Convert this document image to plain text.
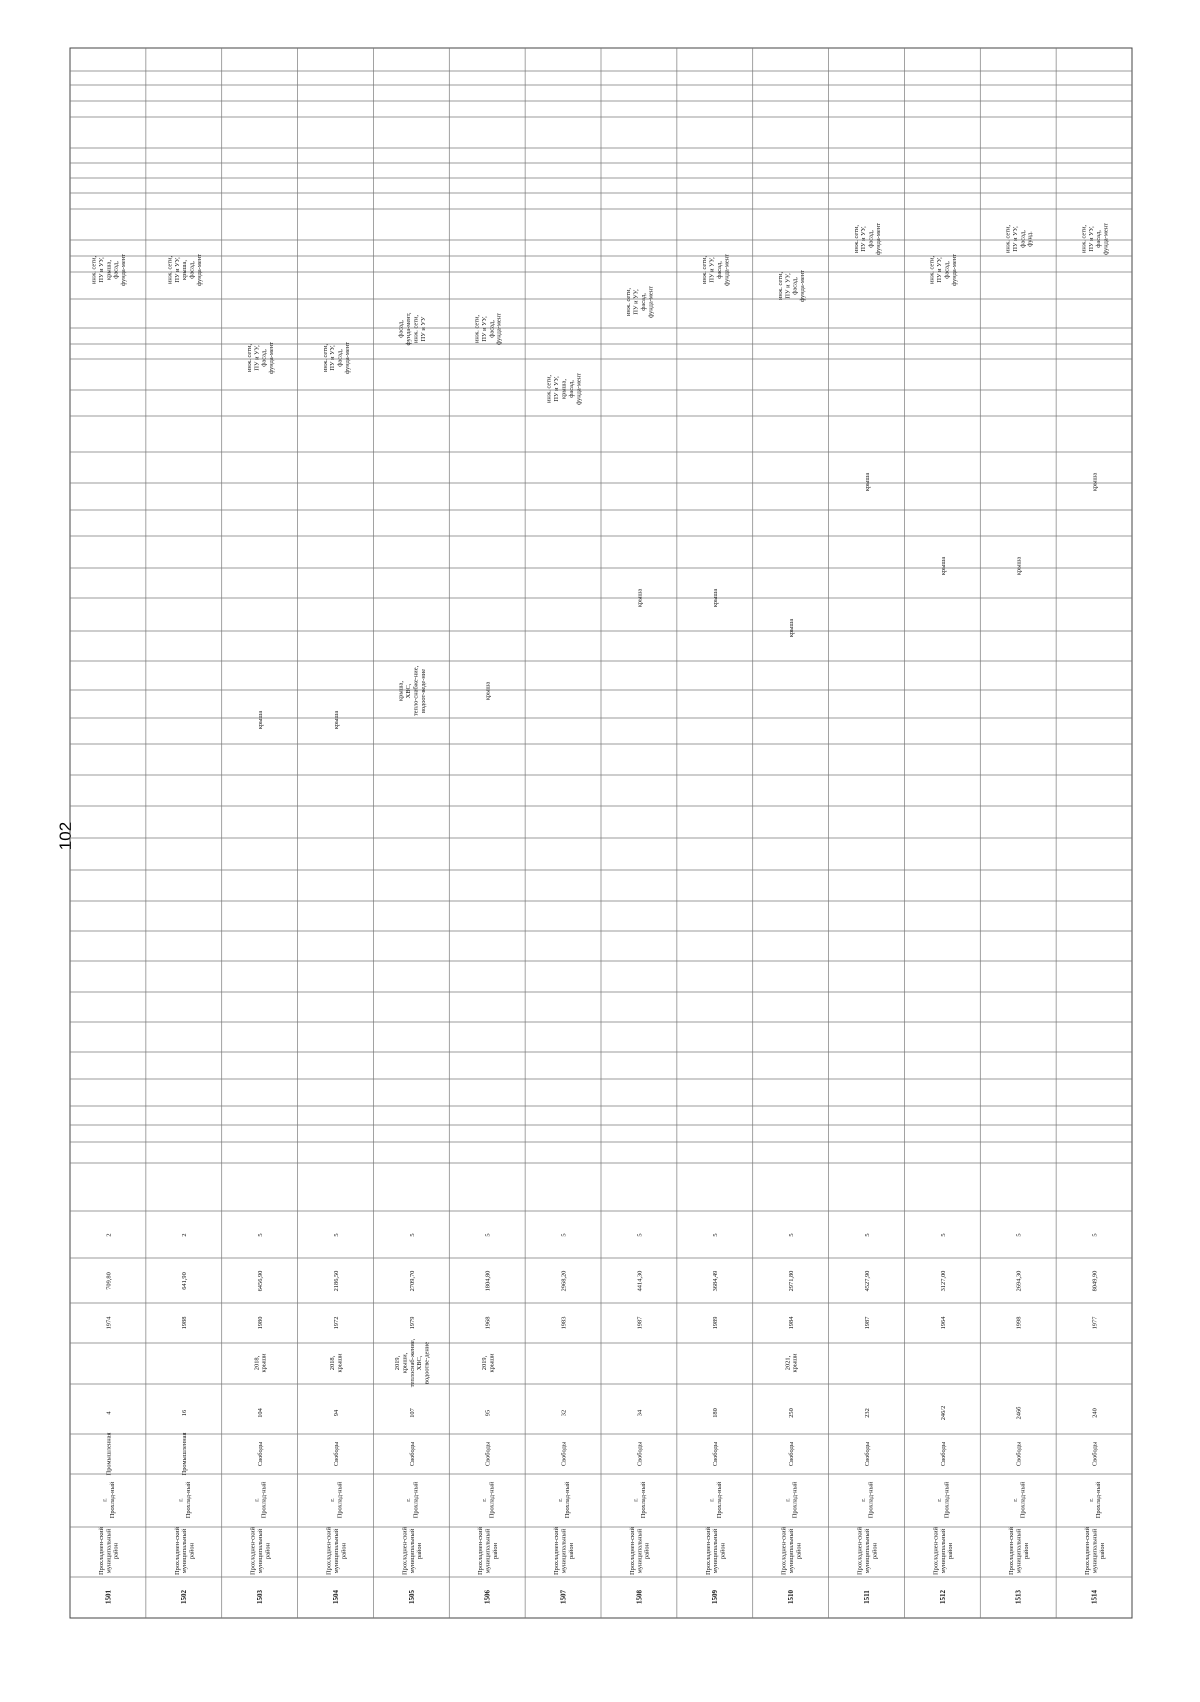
102
1501
Прохладнен-скиймуниципальныйрайон
г.Прохлад-ный
Промышленная
4
1974
709,80
2
инж. сети,ПУ и УУ,крыша,фасад,фунда-мент
1502
Прохладнен-скиймуниципальныйрайон
г.Прохлад-ный
Промышленная
16
1988
641,90
2
инж. сети,ПУ и УУ,крыша,фасад,фунда-мент
1503
Прохладнен-скиймуниципальныйрайон
г.Прохлад-ный
Свободы
104
2018,крыши
1980
6456,90
5
крыша
инж. сети,ПУ и УУ,фасад,фунда-мент
1504
Прохладнен-скиймуниципальныйрайон
г.Прохлад-ный
Свободы
94
2018,крыши
1972
2186,50
5
крыша
инж. сети,ПУ и УУ,фасад,фунда-мент
1505
Прохладнен-скиймуниципальныйрайон
г.Прохлад-ный
Свободы
107
2019,крыши,теплоснаб-жение,ХВС,водоотве-дение
1979
2709,70
5
крыша,ХВС,тепло-снабже-ние,водоот-веде-ние
фасад,фунда-мент,инж. сети,ПУ и УУ
1506
Прохладнен-скиймуниципальныйрайон
г.Прохлад-ный
Свободы
95
2019,крыши
1968
1804,80
5
крыша
инж. сети,ПУ и УУ,фасад,фунда-мент
1507
Прохладнен-скиймуниципальныйрайон
г.Прохлад-ный
Свободы
32
1983
2968,20
5
инж. сети,ПУ и УУ,крыша,фасад,фунда-мент
1508
Прохладнен-скиймуниципальныйрайон
г.Прохлад-ный
Свободы
34
1987
4414,30
5
крыша
инж. сети,ПУ и УУ,фасад,фунда-мент
1509
Прохладнен-скиймуниципальныйрайон
г.Прохлад-ный
Свободы
180
1989
3684,49
5
крыша
инж. сети,ПУ и УУ,фасад,фунда-мент
1510
Прохладнен-скиймуниципальныйрайон
г.Прохлад-ный
Свободы
250
2021,крыши
1984
2971,80
5
крыша
инж. сети,ПУ и УУ,фасад,фунда-мент
1511
Прохладнен-скиймуниципальныйрайон
г.Прохлад-ный
Свободы
232
1987
4527,90
5
крыша
инж. сети,ПУ и УУ,фасад,фунда-мент
1512
Прохладнен-скиймуниципальныйрайон
г.Прохлад-ный
Свободы
246/2
1964
3127,00
5
крыша
инж. сети,ПУ и УУ,фасад,фунда-мент
1513
Прохладнен-скиймуниципальныйрайон
г.Прохлад-ный
Свободы
246б
1998
2694,30
5
крыша
инж. сети,ПУ и УУ,фасад,фунд.
1514
Прохладнен-скиймуниципальныйрайон
г.Прохлад-ный
Свободы
240
1977
8049,90
5
крыша
инж. сети,ПУ и УУ,фасад,фунда-мент
